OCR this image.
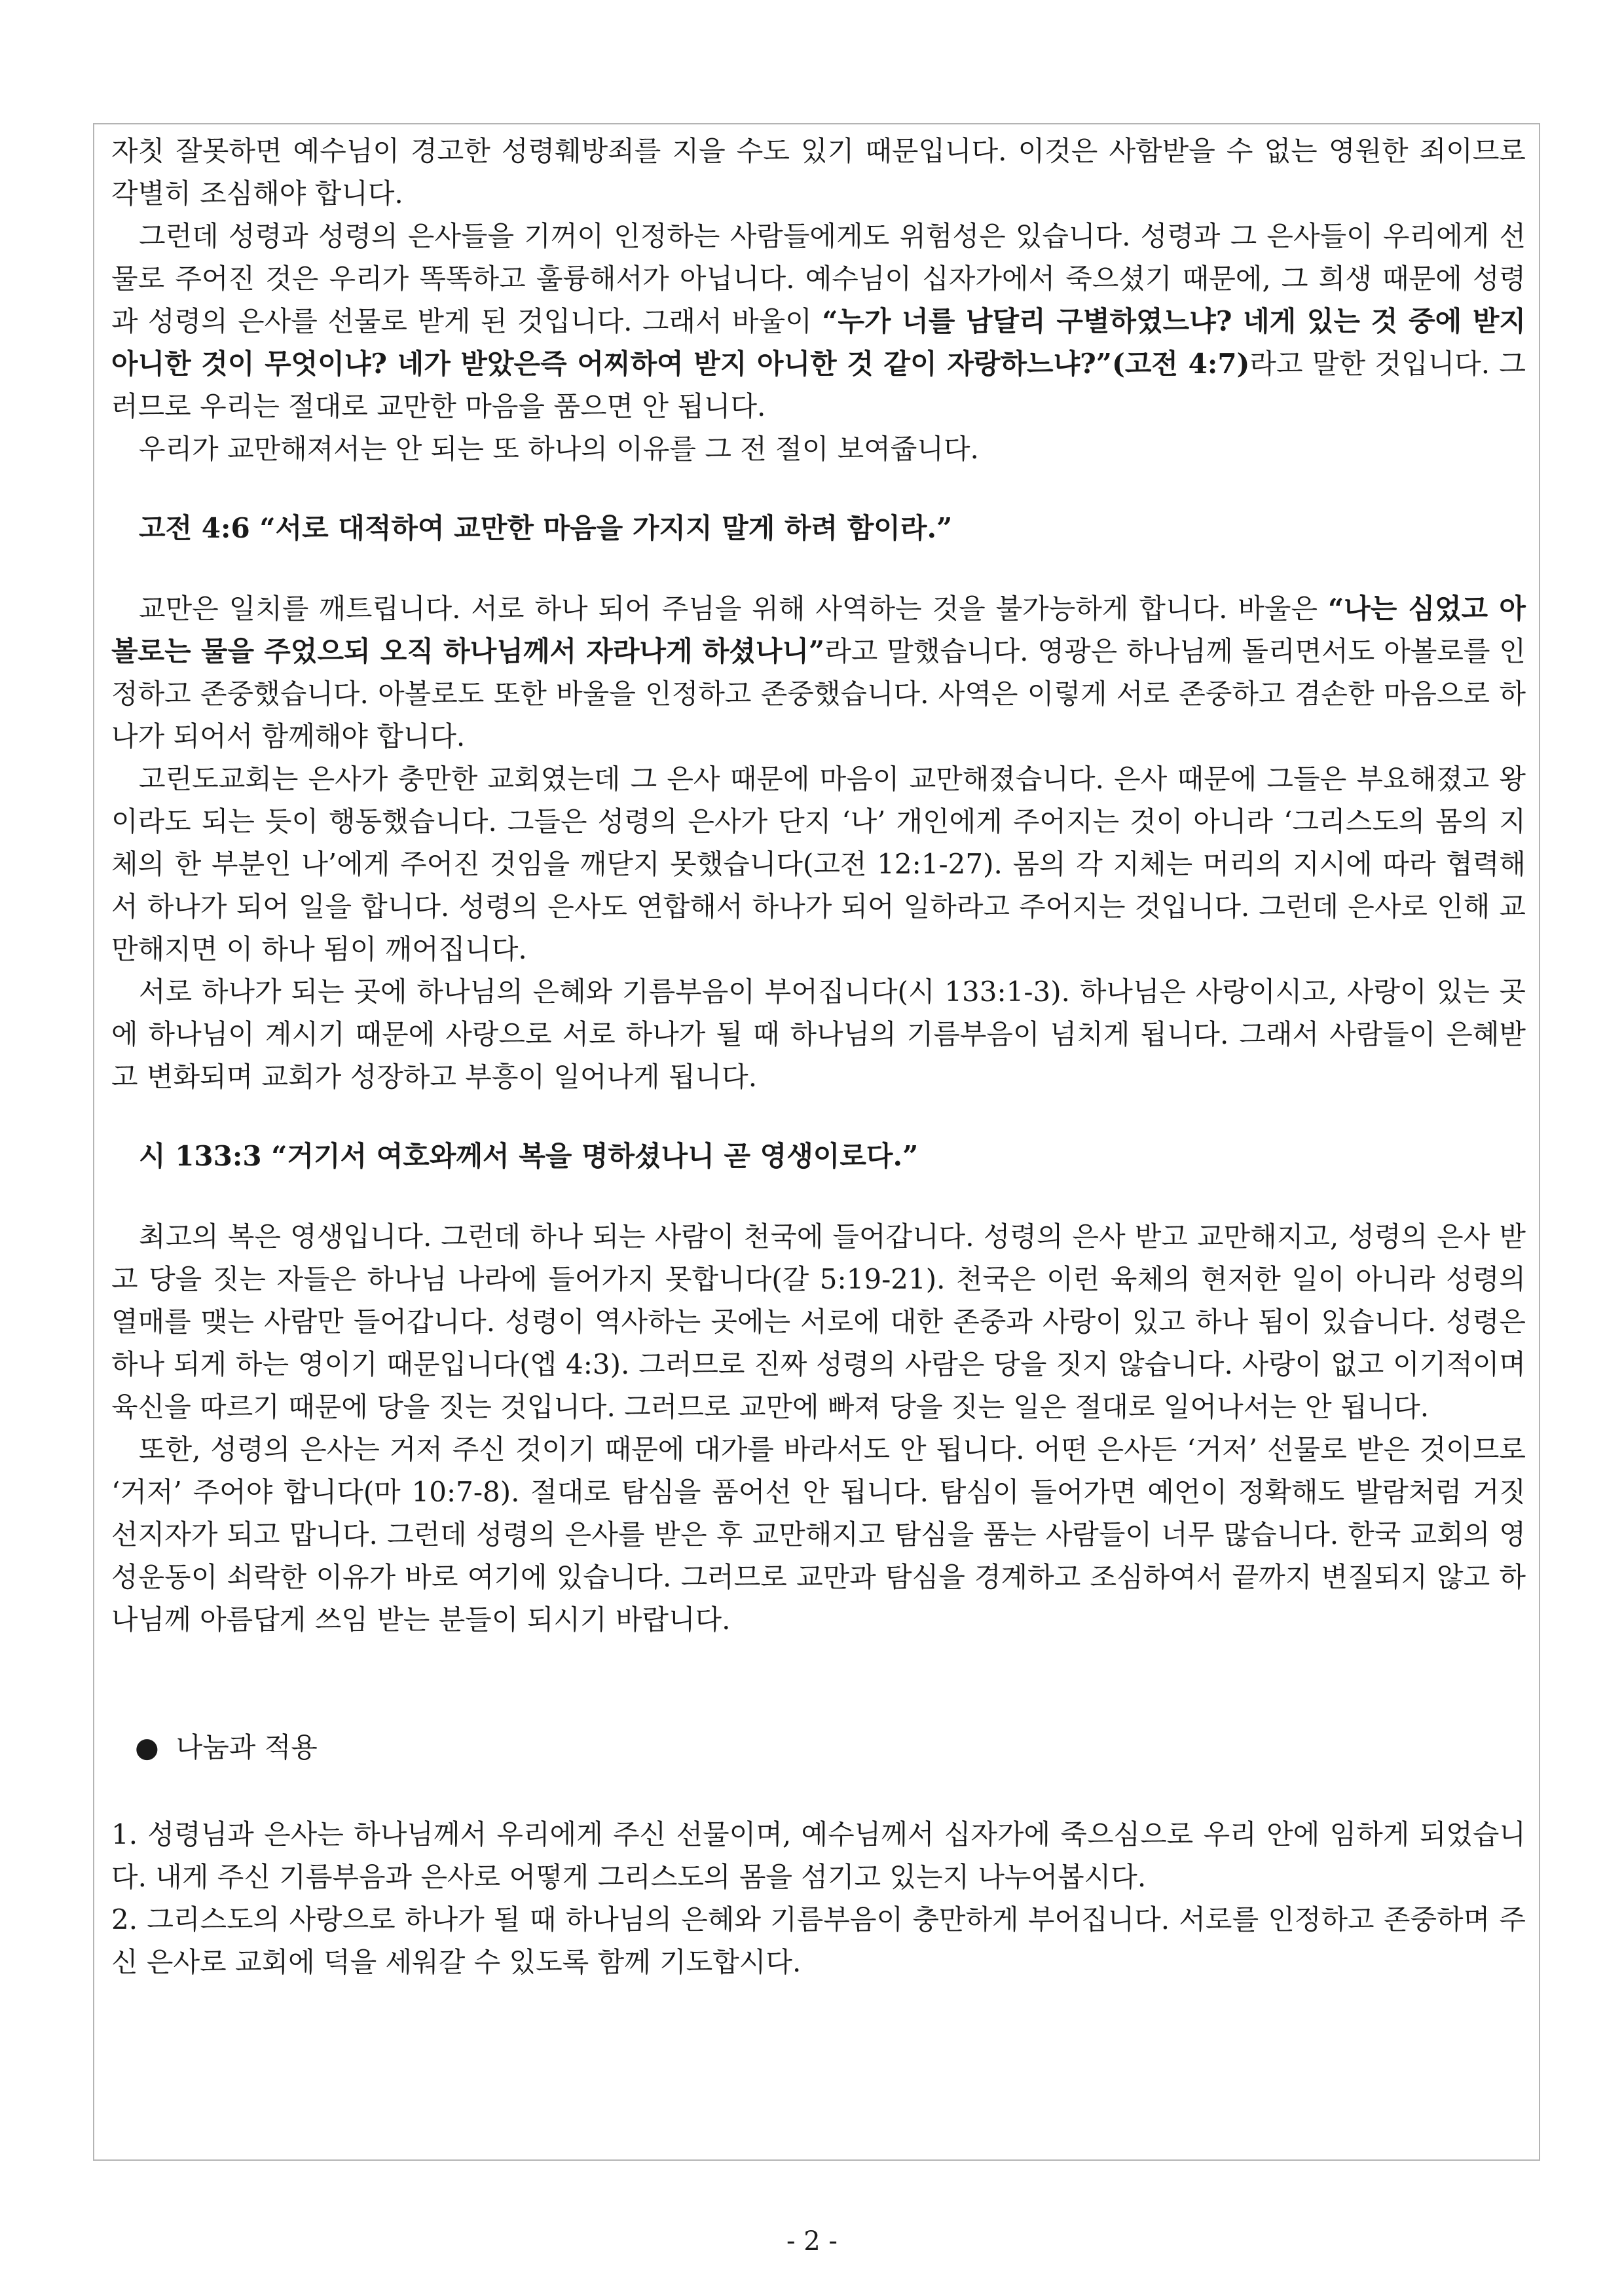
자칫 잘못하면 예수님이 경고한 성령훼방죄를 지을 수도 있기 때문입니다. 이것은 사함받을 수 없는 영원한 죄이므로 각별히 조심해야 합니다.

그런데 성령과 성령의 은사들을 기꺼이 인정하는 사람들에게도 위험성은 있습니다. 성령과 그 은사들이 우리에게 선물로 주어진 것은 우리가 똑똑하고 훌륭해서가 아닙니다. 예수님이 십자가에서 죽으셨기 때문에, 그 희생 때문에 성령과 성령의 은사를 선물로 받게 된 것입니다. 그래서 바울이 “누가 너를 남달리 구별하였느냐? 네게 있는 것 중에 받지 아니한 것이 무엇이냐? 네가 받았은즉 어찌하여 받지 아니한 것 같이 자랑하느냐?”(고전 4:7)라고 말한 것입니다. 그러므로 우리는 절대로 교만한 마음을 품으면 안 됩니다.

우리가 교만해져서는 안 되는 또 하나의 이유를 그 전 절이 보여줍니다.

고전 4:6 “서로 대적하여 교만한 마음을 가지지 말게 하려 함이라.”

교만은 일치를 깨트립니다. 서로 하나 되어 주님을 위해 사역하는 것을 불가능하게 합니다. 바울은 “나는 심었고 아볼로는 물을 주었으되 오직 하나님께서 자라나게 하셨나니”라고 말했습니다. 영광은 하나님께 돌리면서도 아볼로를 인정하고 존중했습니다. 아볼로도 또한 바울을 인정하고 존중했습니다. 사역은 이렇게 서로 존중하고 겸손한 마음으로 하나가 되어서 함께해야 합니다.

고린도교회는 은사가 충만한 교회였는데 그 은사 때문에 마음이 교만해졌습니다. 은사 때문에 그들은 부요해졌고 왕이라도 되는 듯이 행동했습니다. 그들은 성령의 은사가 단지 ‘나’ 개인에게 주어지는 것이 아니라 ‘그리스도의 몸의 지체의 한 부분인 나’에게 주어진 것임을 깨닫지 못했습니다(고전 12:1-27). 몸의 각 지체는 머리의 지시에 따라 협력해서 하나가 되어 일을 합니다. 성령의 은사도 연합해서 하나가 되어 일하라고 주어지는 것입니다. 그런데 은사로 인해 교만해지면 이 하나 됨이 깨어집니다.

서로 하나가 되는 곳에 하나님의 은혜와 기름부음이 부어집니다(시 133:1-3). 하나님은 사랑이시고, 사랑이 있는 곳에 하나님이 계시기 때문에 사랑으로 서로 하나가 될 때 하나님의 기름부음이 넘치게 됩니다. 그래서 사람들이 은혜받고 변화되며 교회가 성장하고 부흥이 일어나게 됩니다.

시 133:3 “거기서 여호와께서 복을 명하셨나니 곧 영생이로다.”

최고의 복은 영생입니다. 그런데 하나 되는 사람이 천국에 들어갑니다. 성령의 은사 받고 교만해지고, 성령의 은사 받고 당을 짓는 자들은 하나님 나라에 들어가지 못합니다(갈 5:19-21). 천국은 이런 육체의 현저한 일이 아니라 성령의 열매를 맺는 사람만 들어갑니다. 성령이 역사하는 곳에는 서로에 대한 존중과 사랑이 있고 하나 됨이 있습니다. 성령은 하나 되게 하는 영이기 때문입니다(엡 4:3). 그러므로 진짜 성령의 사람은 당을 짓지 않습니다. 사랑이 없고 이기적이며 육신을 따르기 때문에 당을 짓는 것입니다. 그러므로 교만에 빠져 당을 짓는 일은 절대로 일어나서는 안 됩니다.

또한, 성령의 은사는 거저 주신 것이기 때문에 대가를 바라서도 안 됩니다. 어떤 은사든 ‘거저’ 선물로 받은 것이므로 ‘거저’ 주어야 합니다(마 10:7-8). 절대로 탐심을 품어선 안 됩니다. 탐심이 들어가면 예언이 정확해도 발람처럼 거짓 선지자가 되고 맙니다. 그런데 성령의 은사를 받은 후 교만해지고 탐심을 품는 사람들이 너무 많습니다. 한국 교회의 영성운동이 쇠락한 이유가 바로 여기에 있습니다. 그러므로 교만과 탐심을 경계하고 조심하여서 끝까지 변질되지 않고 하나님께 아름답게 쓰임 받는 분들이 되시기 바랍니다.

● 나눔과 적용

1. 성령님과 은사는 하나님께서 우리에게 주신 선물이며, 예수님께서 십자가에 죽으심으로 우리 안에 임하게 되었습니다. 내게 주신 기름부음과 은사로 어떻게 그리스도의 몸을 섬기고 있는지 나누어봅시다.

2. 그리스도의 사랑으로 하나가 될 때 하나님의 은혜와 기름부음이 충만하게 부어집니다. 서로를 인정하고 존중하며 주신 은사로 교회에 덕을 세워갈 수 있도록 함께 기도합시다.

- 2 -
